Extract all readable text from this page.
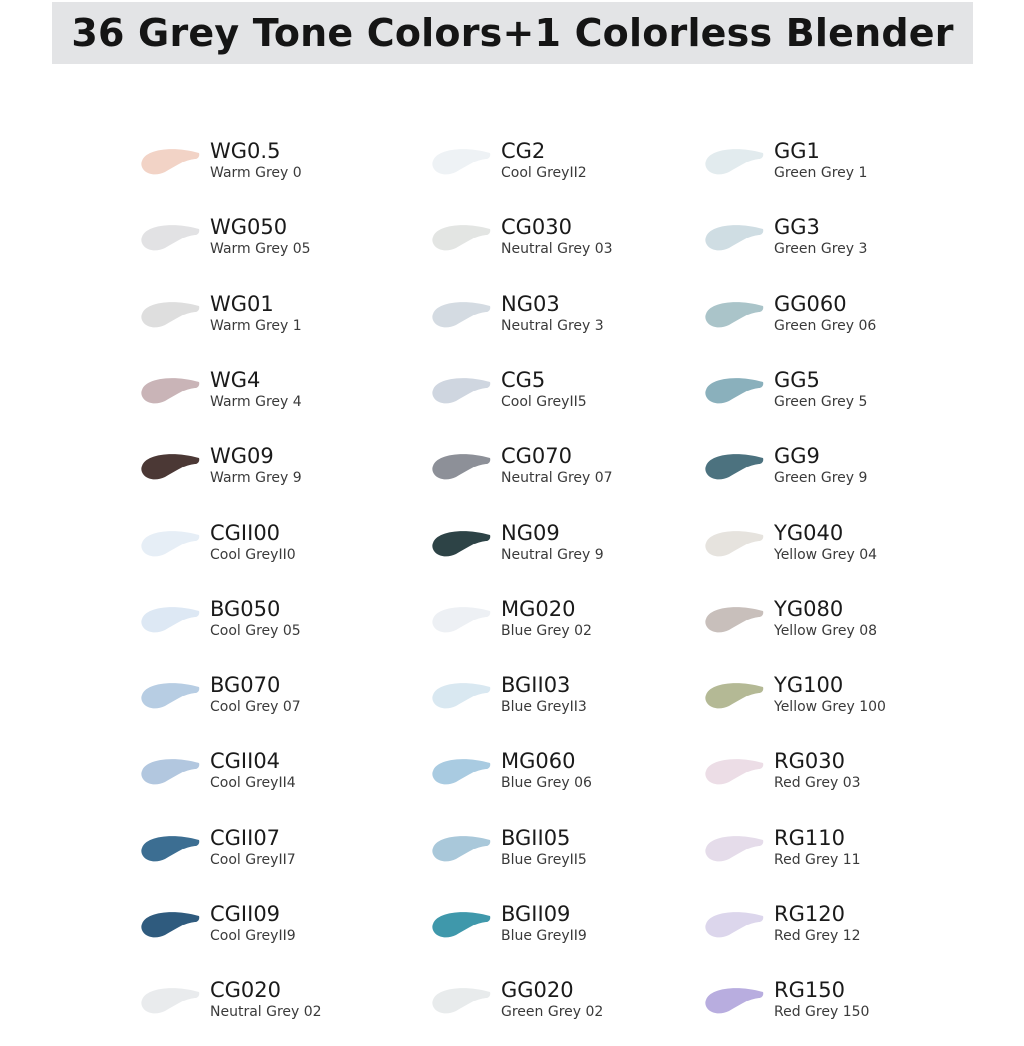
36 Grey Tone Colors+1 Colorless Blender
WG0.5
Warm Grey 0
WG050
Warm Grey 05
WG01
Warm Grey 1
WG4
Warm Grey 4
WG09
Warm Grey 9
CGII00
Cool GreyII0
BG050
Cool Grey 05
BG070
Cool Grey 07
CGII04
Cool GreyII4
CGII07
Cool GreyII7
CGII09
Cool GreyII9
CG020
Neutral Grey 02
CG2
Cool GreyII2
CG030
Neutral Grey 03
NG03
Neutral Grey 3
CG5
Cool GreyII5
CG070
Neutral Grey 07
NG09
Neutral Grey 9
MG020
Blue Grey 02
BGII03
Blue GreyII3
MG060
Blue Grey 06
BGII05
Blue GreyII5
BGII09
Blue GreyII9
GG020
Green Grey 02
GG1
Green Grey 1
GG3
Green Grey 3
GG060
Green Grey 06
GG5
Green Grey 5
GG9
Green Grey 9
YG040
Yellow Grey 04
YG080
Yellow Grey 08
YG100
Yellow Grey 100
RG030
Red Grey 03
RG110
Red Grey 11
RG120
Red Grey 12
RG150
Red Grey 150
